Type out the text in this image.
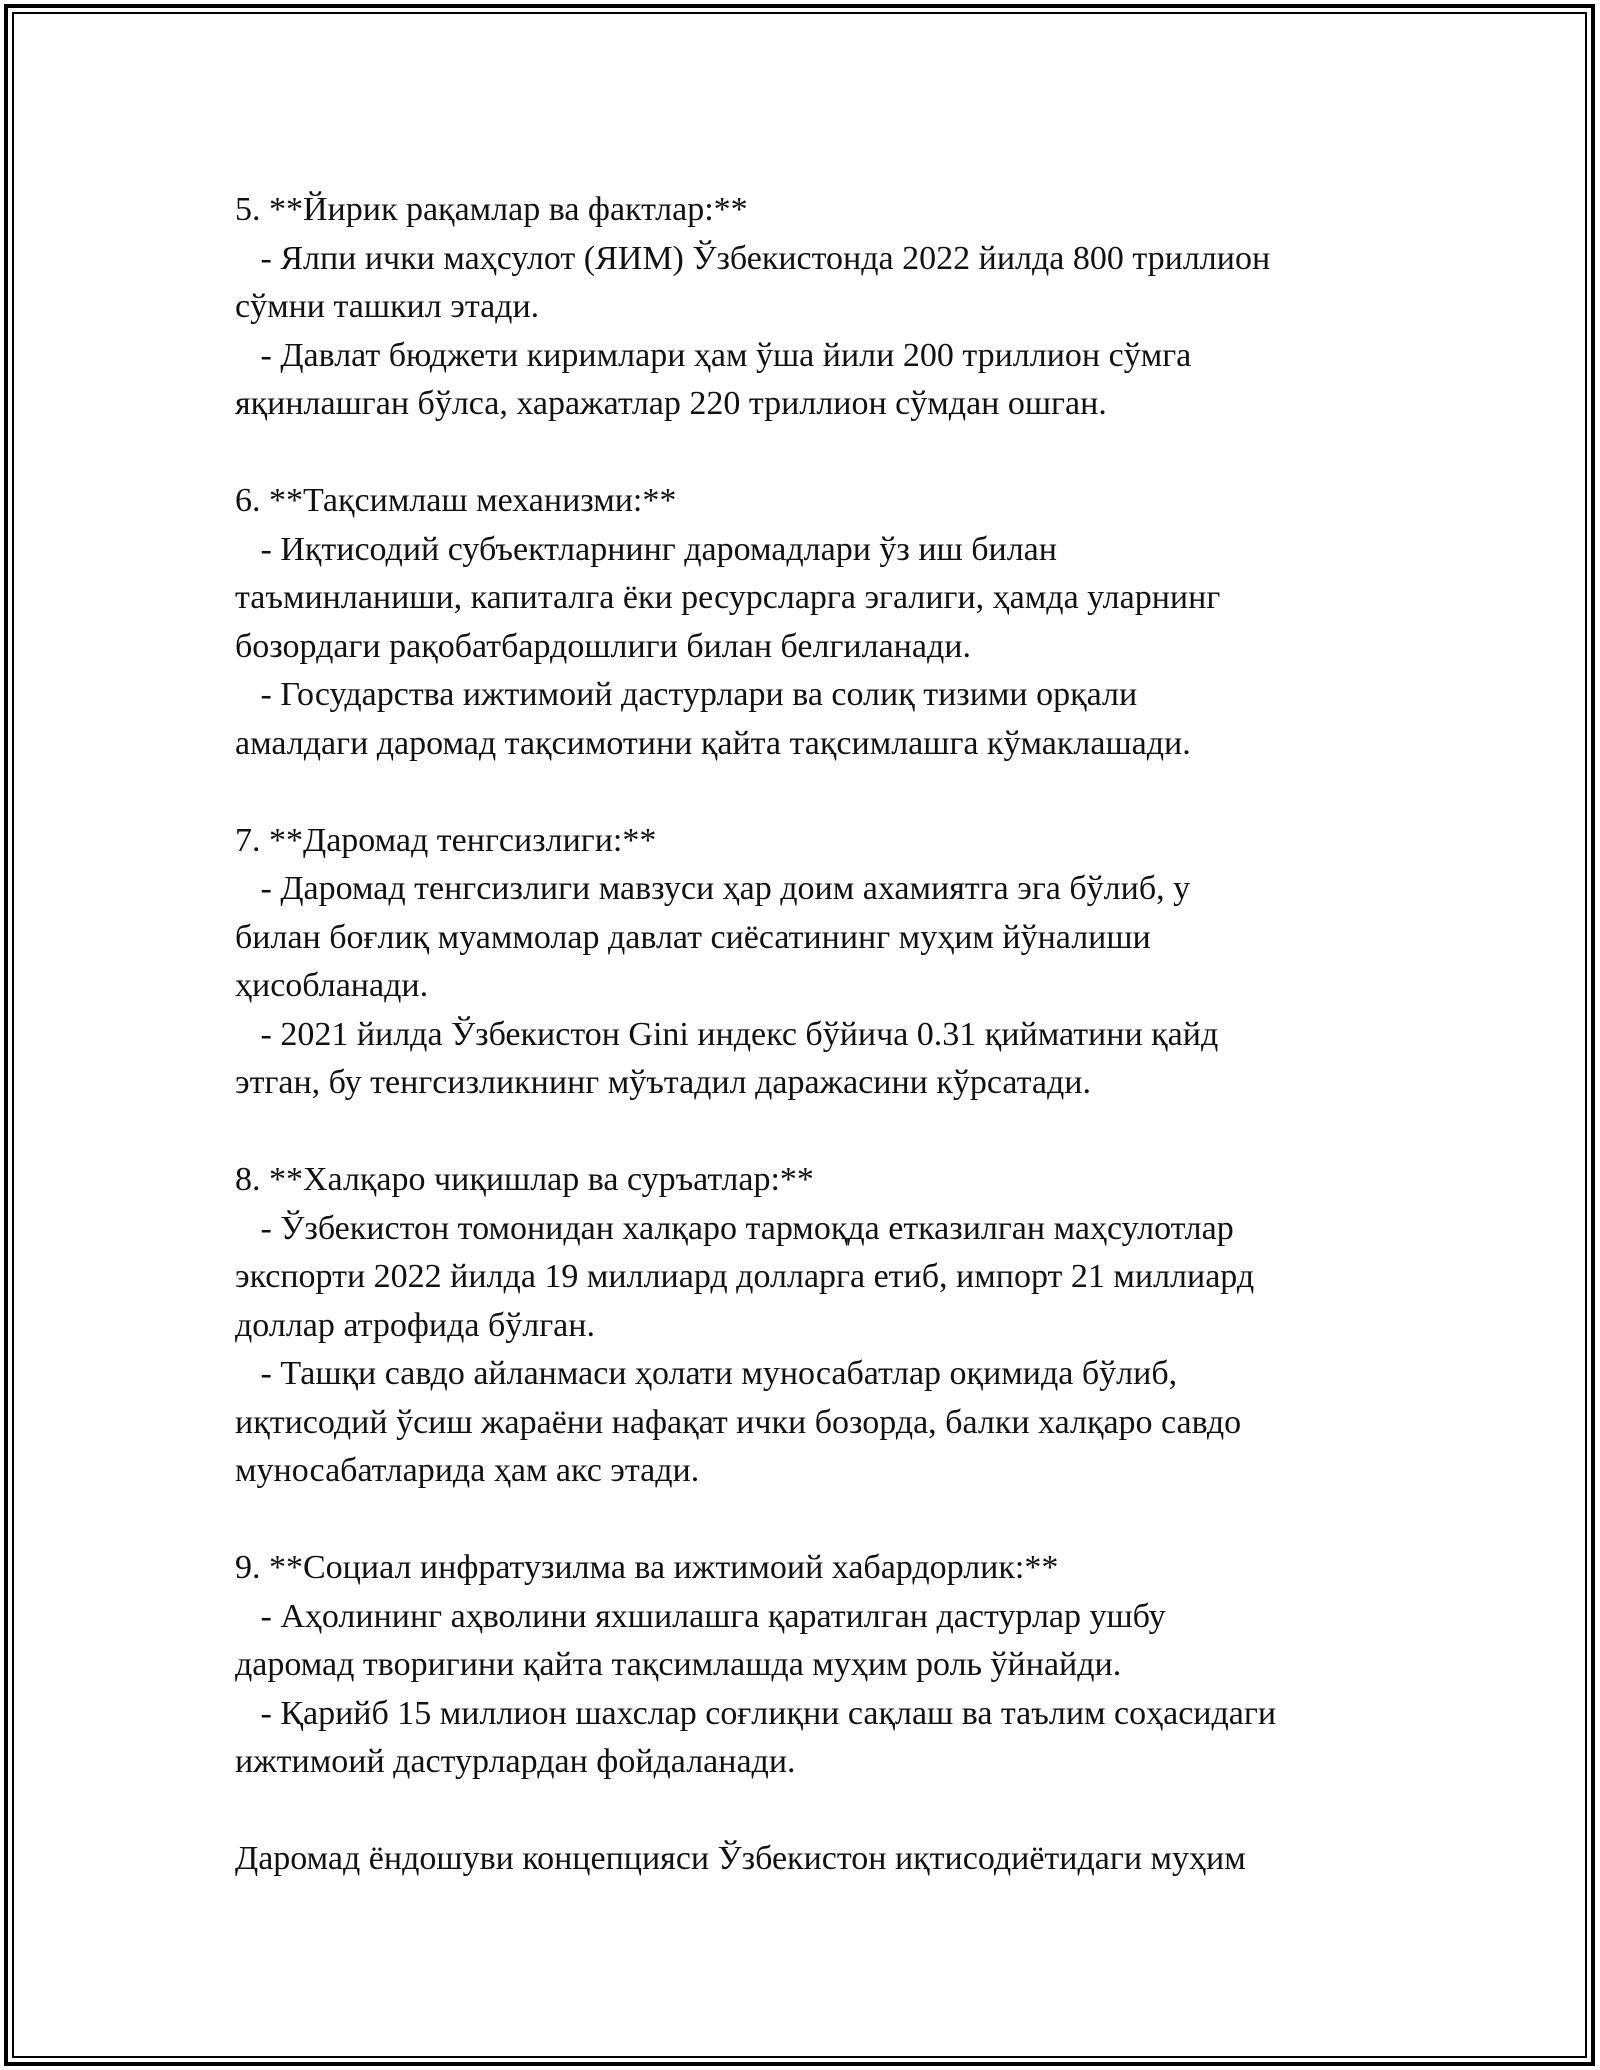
5. **Йирик рақамлар ва фактлар:**

- Ялпи ички маҳсулот (ЯИМ) Ўзбекистонда 2022 йилда 800 триллион

сўмни ташкил этади.

- Давлат бюджети киримлари ҳам ўша йили 200 триллион сўмга

яқинлашган бўлса, харажатлар 220 триллион сўмдан ошган.

6. **Тақсимлаш механизми:**

- Иқтисодий субъектларнинг даромадлари ўз иш билан

таъминланиши, капиталга ёки ресурсларга эгалиги, ҳамда уларнинг

бозордаги рақобатбардошлиги билан белгиланади.

- Государства ижтимоий дастурлари ва солиқ тизими орқали

амалдаги даромад тақсимотини қайта тақсимлашга кўмаклашади.

7. **Даромад тенгсизлиги:**

- Даромад тенгсизлиги мавзуси ҳар доим ахамиятга эга бўлиб, у

билан боғлиқ муаммолар давлат сиёсатининг муҳим йўналиши

ҳисобланади.

- 2021 йилда Ўзбекистон Gini индекс бўйича 0.31 қийматини қайд

этган, бу тенгсизликнинг мўътадил даражасини кўрсатади.

8. **Халқаро чиқишлар ва суръатлар:**

- Ўзбекистон томонидан халқаро тармоқда етказилган маҳсулотлар

экспорти 2022 йилда 19 миллиард долларга етиб, импорт 21 миллиард

доллар атрофида бўлган.

- Ташқи савдо айланмаси ҳолати муносабатлар оқимида бўлиб,

иқтисодий ўсиш жараёни нафақат ички бозорда, балки халқаро савдо

муносабатларида ҳам акс этади.

9. **Социал инфратузилма ва ижтимоий хабардорлик:**

- Аҳолининг аҳволини яхшилашга қаратилган дастурлар ушбу

даромад творигини қайта тақсимлашда муҳим роль ўйнайди.

- Қарийб 15 миллион шахслар соғлиқни сақлаш ва таълим соҳасидаги

ижтимоий дастурлардан фойдаланади.

Даромад ёндошуви концепцияси Ўзбекистон иқтисодиётидаги муҳим
